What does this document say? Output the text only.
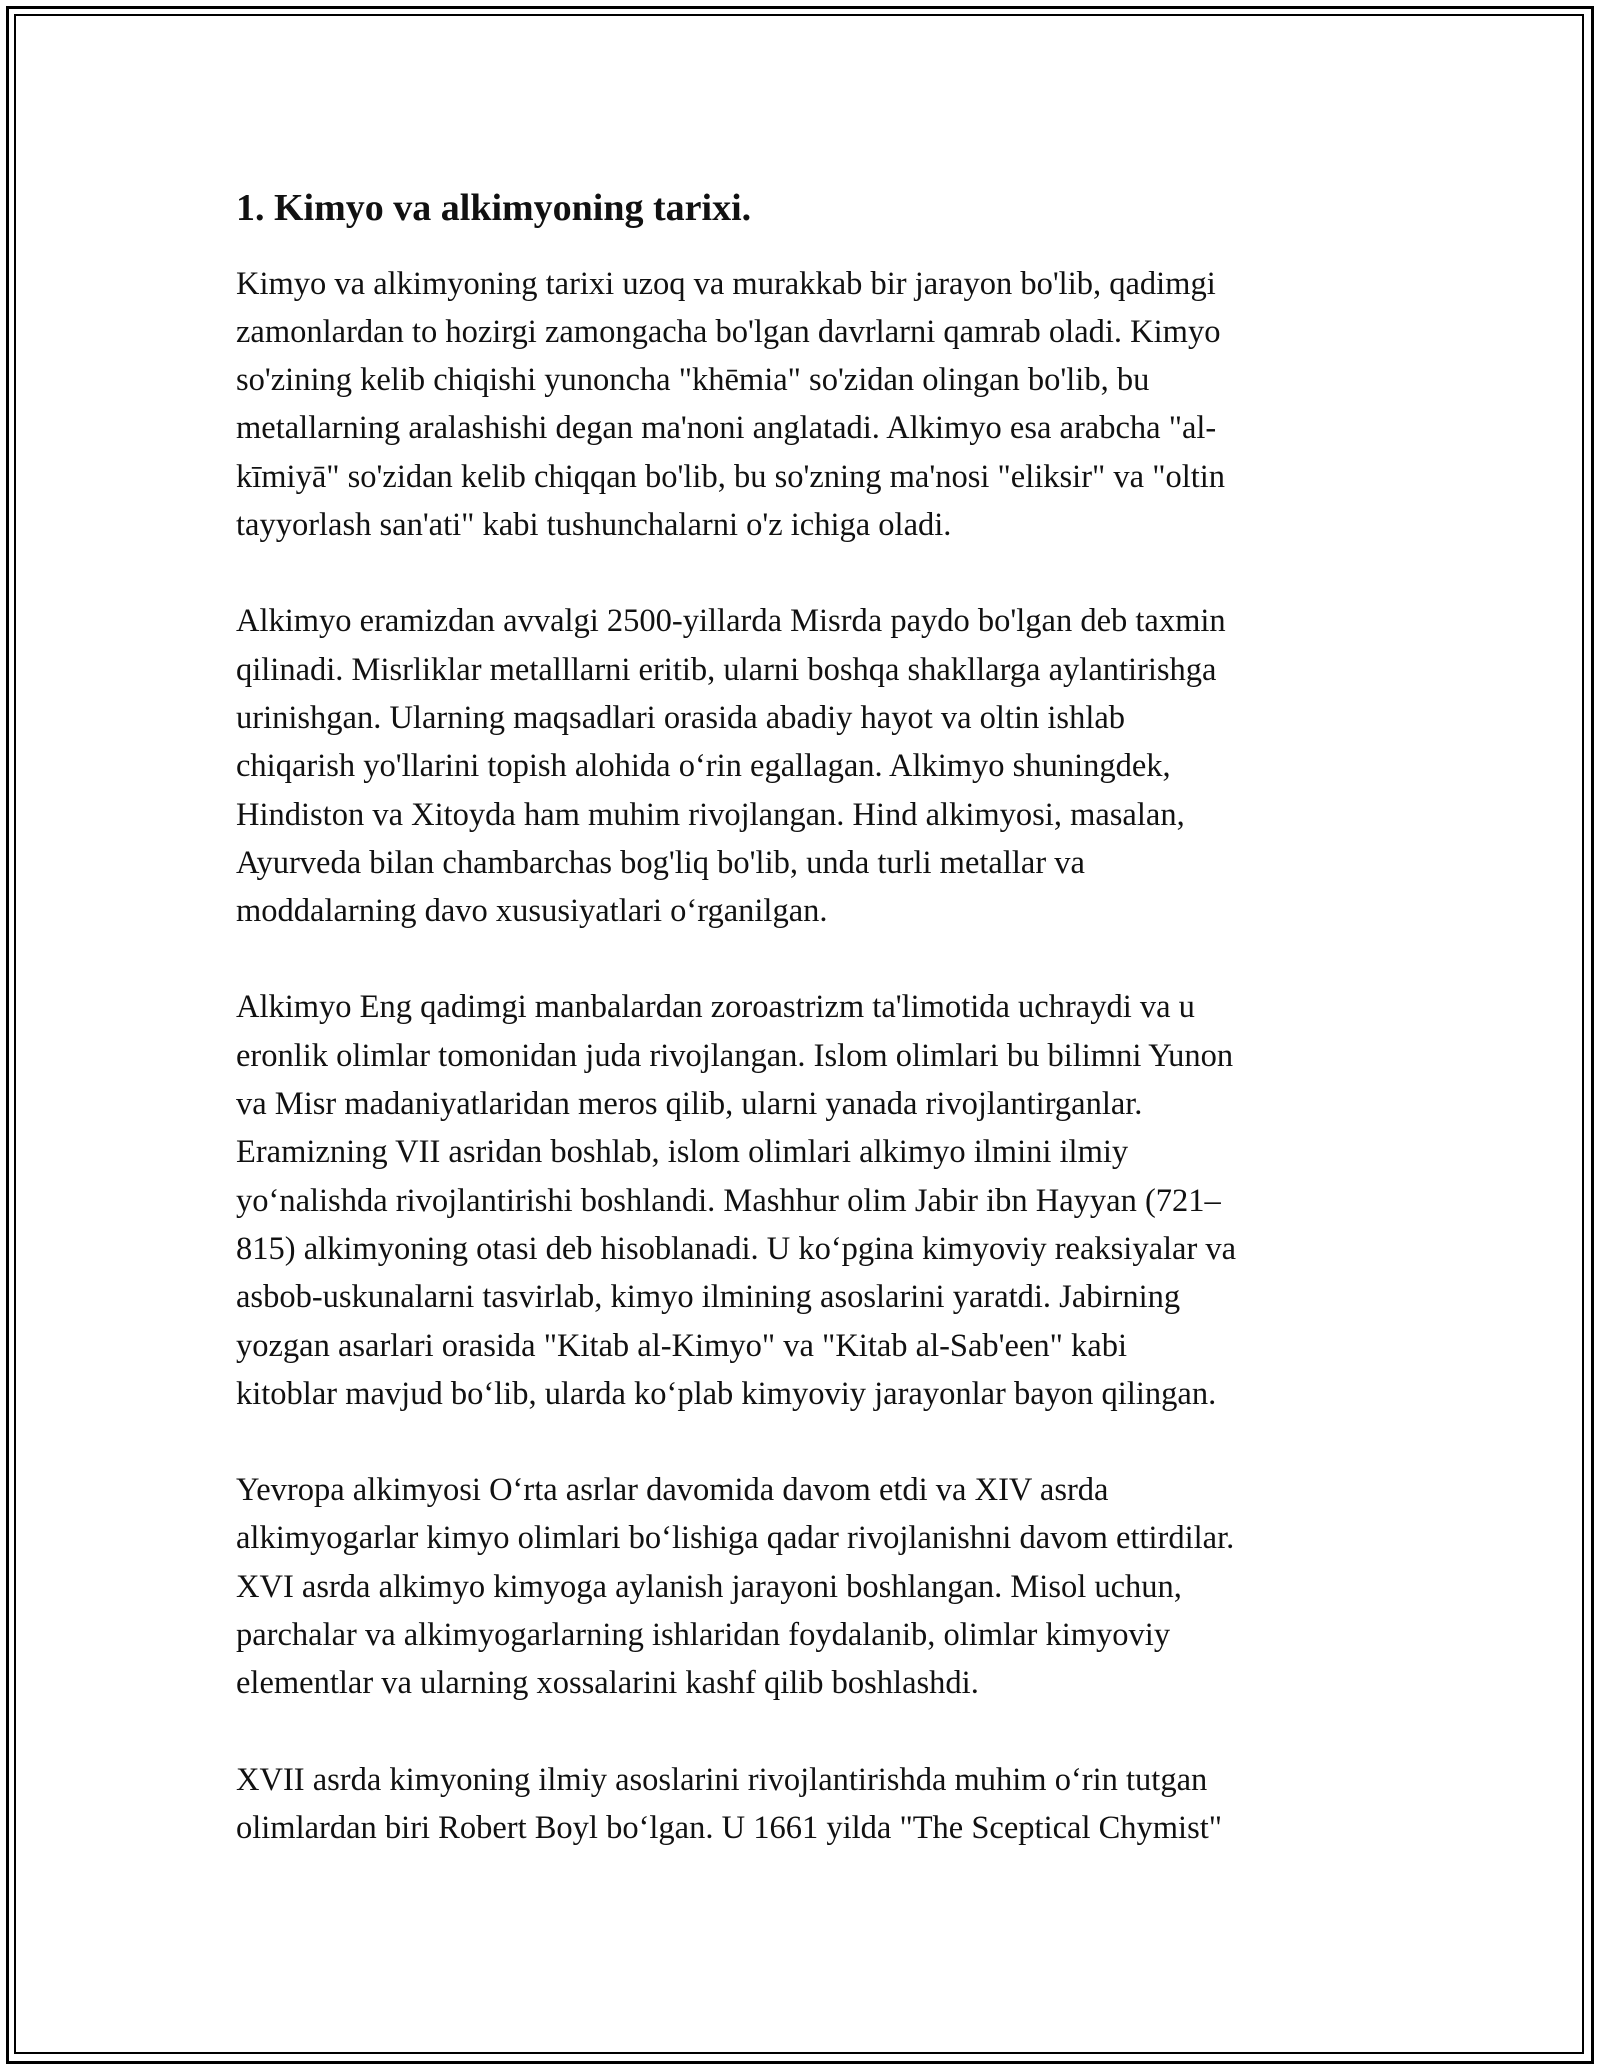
1. Kimyo va alkimyoning tarixi.

Kimyo va alkimyoning tarixi uzoq va murakkab bir jarayon bo'lib, qadimgi
zamonlardan to hozirgi zamongacha bo'lgan davrlarni qamrab oladi. Kimyo
so'zining kelib chiqishi yunoncha "khēmia" so'zidan olingan bo'lib, bu
metallarning aralashishi degan ma'noni anglatadi. Alkimyo esa arabcha "al-
kīmiyā" so'zidan kelib chiqqan bo'lib, bu so'zning ma'nosi "eliksir" va "oltin
tayyorlash san'ati" kabi tushunchalarni o'z ichiga oladi.

Alkimyo eramizdan avvalgi 2500-yillarda Misrda paydo bo'lgan deb taxmin
qilinadi. Misrliklar metalllarni eritib, ularni boshqa shakllarga aylantirishga
urinishgan. Ularning maqsadlari orasida abadiy hayot va oltin ishlab
chiqarish yo'llarini topish alohida oʻrin egallagan. Alkimyo shuningdek,
Hindiston va Xitoyda ham muhim rivojlangan. Hind alkimyosi, masalan,
Ayurveda bilan chambarchas bog'liq bo'lib, unda turli metallar va
moddalarning davo xususiyatlari oʻrganilgan.

Alkimyo Eng qadimgi manbalardan zoroastrizm ta'limotida uchraydi va u
eronlik olimlar tomonidan juda rivojlangan. Islom olimlari bu bilimni Yunon
va Misr madaniyatlaridan meros qilib, ularni yanada rivojlantirganlar.
Eramizning VII asridan boshlab, islom olimlari alkimyo ilmini ilmiy
yoʻnalishda rivojlantirishi boshlandi. Mashhur olim Jabir ibn Hayyan (721–
815) alkimyoning otasi deb hisoblanadi. U koʻpgina kimyoviy reaksiyalar va
asbob-uskunalarni tasvirlab, kimyo ilmining asoslarini yaratdi. Jabirning
yozgan asarlari orasida "Kitab al-Kimyo" va "Kitab al-Sab'een" kabi
kitoblar mavjud boʻlib, ularda koʻplab kimyoviy jarayonlar bayon qilingan.

Yevropa alkimyosi Oʻrta asrlar davomida davom etdi va XIV asrda
alkimyogarlar kimyo olimlari boʻlishiga qadar rivojlanishni davom ettirdilar.
XVI asrda alkimyo kimyoga aylanish jarayoni boshlangan. Misol uchun,
parchalar va alkimyogarlarning ishlaridan foydalanib, olimlar kimyoviy
elementlar va ularning xossalarini kashf qilib boshlashdi.

XVII asrda kimyoning ilmiy asoslarini rivojlantirishda muhim oʻrin tutgan
olimlardan biri Robert Boyl boʻlgan. U 1661 yilda "The Sceptical Chymist"
